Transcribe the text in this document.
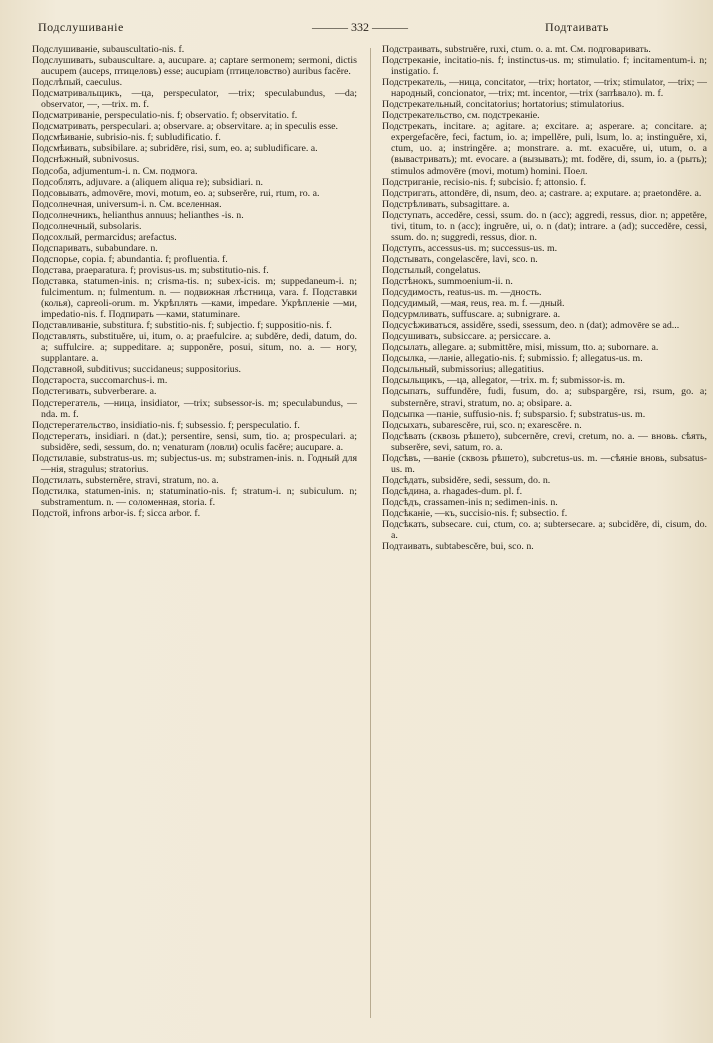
Подслушиванiе	——— 332 ———	Подтаивать

Подслушиванiе, subauscultatio-nis. f.

Подслушивать, subauscultare. a, aucupare. a; captare sermonem; sermoni, dictis aucupem (auceps, птицеловъ) esse; aucupiam (птицеловство) auribus facĕre.

Подслѣпый, caeculus.

Подсматривальщикъ, —ца, perspeculator, —trix; speculabundus, —da; observator, —, —trix. m. f.

Подсматриванiе, perspeculatio-nis. f; observatio. f; observitatio. f.

Подсматривать, perspeculari. a; observare. a; observitare. a; in speculis esse.

Подсмѣиванiе, subrisio-nis. f; subludificatio. f.

Подсмѣивать, subsibilare. a; subridēre, risi, sum, eo. a; subludificare. a.

Подснѣжный, subnivosus.

Подсоба, adjumentum-i. n. См. подмога.

Подсоблять, adjuvare. a (aliquem aliqua re); subsidiari. n.

Подсовывать, admovēre, movi, motum, eo. a; subserĕre, rui, rtum, ro. a.

Подсолнечная, universum-i. n. См. вселенная.

Подсолнечникъ, helianthus annuus; helianthes -is. n.

Подсолнечный, subsolaris.

Подсохлый, permarcidus; arefactus.

Подспаривать, subabundare. n.

Подспорье, copia. f; abundantia. f; profluentia. f.

Подстава, praeparatura. f; provisus-us. m; substitutio-nis. f.

Подставка, statumen-inis. n; crisma-tis. n; subex-icis. m; suppedaneum-i. n; fulcimentum. n; fulmentum. n. — подвижная лѣстница, vara. f. Подставки (колья), capreoli-orum. m. Укрѣплять —ками, impedare. Укрѣпленiе —ми, impedatio-nis. f. Подпирать —ками, statuminare.

Подставливанiе, substitura. f; substitio-nis. f; subjectio. f; suppositio-nis. f.

Подставлять, substituĕre, ui, itum, o. a; praefulcire. a; subdĕre, dedi, datum, do. a; suffulcire. a; suppeditare. a; supponĕre, posui, situm, no. a. — ногу, supplantare. a.

Подставной, subditivus; succidaneus; suppositorius.

Подстароста, succomarchus-i. m.

Подстегивать, subverberare. a.

Подстерегатель, —ница, insidiator, —trix; subsessor-is. m; speculabundus, —nda. m. f.

Подстерегательство, insidiatio-nis. f; subsessio. f; perspeculatio. f.

Подстерегать, insidiari. n (dat.); persentire, sensi, sum, tio. a; prospeculari. a; subsidĕre, sedi, sessum, do. n; venaturam (ловли) oculis facĕre; aucupare. a.

Подстилавiе, substratus-us. m; subjectus-us. m; substramen-inis. n. Годный для —нія, stragulus; stratorius.

Подстилать, substernĕre, stravi, stratum, no. a.

Подстилка, statumen-inis. n; statuminatio-nis. f; stratum-i. n; subiculum. n; substramentum. n. — соломенная, storia. f.

Подстой, infrons arbor-is. f; sicca arbor. f.

Подстраивать, substruĕre, ruxi, ctum. o. a. mt. См. подговаривать.

Подстреканiе, incitatio-nis. f; instinctus-us. m; stimulatio. f; incitamentum-i. n; instigatio. f.

Подстрекатель, —ница, concitator, —trix; hortator, —trix; stimulator, —trix; — народный, concionator, —trix; mt. incentor, —trix (запѣвало). m. f.

Подстрекательный, concitatorius; hortatorius; stimulatorius.

Подстрекательство, см. подстреканiе.

Подстрекать, incitare. a; agitare. a; excitare. a; asperare. a; concitare. a; expergefacĕre, feci, factum, io. a; impellĕre, puli, lsum, lo. a; instinguĕre, xi, ctum, uo. a; instringĕre. a; monstrare. a. mt. exacuĕre, ui, utum, o. a (вывастривать); mt. evocare. a (вызывать); mt. fodĕre, di, ssum, io. a (рыть); stimulos admovēre (movi, motum) homini. Поел.

Подстриганiе, recisio-nis. f; subcisio. f; attonsio. f.

Подстригать, attondēre, di, nsum, deo. a; castrare. a; exputare. a; praetondēre. a.

Подстрѣливать, subsagittare. a.

Подступать, accedĕre, cessi, ssum. do. n (acc); aggredi, ressus, dior. n; appetĕre, tivi, titum, to. n (acc); ingruĕre, ui, o. n (dat); intrare. a (ad); succedĕre, cessi, ssum. do. n; suggredi, ressus, dior. n.

Подступъ, accessus-us. m; successus-us. m.

Подстывать, congelascĕre, lavi, sco. n.

Подстылый, congelatus.

Подстѣнокъ, summoenium-ii. n.

Подсудимость, reatus-us. m. —дность.

Подсудимый, —мая, reus, rea. m. f. —дный.

Подсурмливать, suffuscare. a; subnigrare. a.

Подсусѣживаться, assidĕre, ssedi, ssessum, deo. n (dat); admovēre se ad...

Подсушивать, subsiccare. a; persiccare. a.

Подсылать, allegare. a; submittĕre, misi, missum, tto. a; subornare. a.

Подсылка, —ланiе, allegatio-nis. f; submissio. f; allegatus-us. m.

Подсыльный, submissorius; allegatitius.

Подсыльщикъ, —ца, allegator, —trix. m. f; submissor-is. m.

Подсыпать, suffundĕre, fudi, fusum, do. a; subspargĕre, rsi, rsum, go. a; substernĕre, stravi, stratum, no. a; obsipare. a.

Подсыпка —панiе, suffusio-nis. f; subsparsio. f; substratus-us. m.

Подсыхать, subarescĕre, rui, sco. n; exarescĕre. n.

Подсѣвать (сквозь рѣшето), subcernĕre, crevi, cretum, no. a. — вновь. сѣять, subserĕre, sevi, satum, ro. a.

Подсѣвъ, —ванiе (сквозь рѣшето), subcretus-us. m. —сѣянiе вновь, subsatus-us. m.

Подсѣдать, subsidĕre, sedi, sessum, do. n.

Подсѣдина, a. rhagades-dum. pl. f.

Подсѣдъ, crassamen-inis n; sedimen-inis. n.

Подсѣканiе, —къ, succisio-nis. f; subsectio. f.

Подсѣкать, subsecare. cui, ctum, co. a; subtersecare. a; subcidĕre, di, cisum, do. a.

Подтаивать, subtabescĕre, bui, sco. n.
